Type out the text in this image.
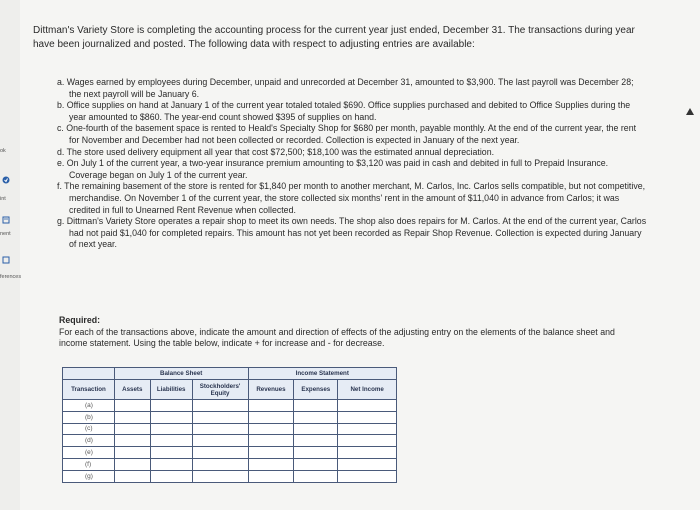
ok
int
nent
ferences
Dittman's Variety Store is completing the accounting process for the current year just ended, December 31. The transactions during year have been journalized and posted. The following data with respect to adjusting entries are available:
a. Wages earned by employees during December, unpaid and unrecorded at December 31, amounted to $3,900. The last payroll was December 28; the next payroll will be January 6.
b. Office supplies on hand at January 1 of the current year totaled totaled $690. Office supplies purchased and debited to Office Supplies during the year amounted to $860. The year-end count showed $395 of supplies on hand.
c. One-fourth of the basement space is rented to Heald's Specialty Shop for $680 per month, payable monthly. At the end of the current year, the rent for November and December had not been collected or recorded. Collection is expected in January of the next year.
d. The store used delivery equipment all year that cost $72,500; $18,100 was the estimated annual depreciation.
e. On July 1 of the current year, a two-year insurance premium amounting to $3,120 was paid in cash and debited in full to Prepaid Insurance. Coverage began on July 1 of the current year.
f. The remaining basement of the store is rented for $1,840 per month to another merchant, M. Carlos, Inc. Carlos sells compatible, but not competitive, merchandise. On November 1 of the current year, the store collected six months' rent in the amount of $11,040 in advance from Carlos; it was credited in full to Unearned Rent Revenue when collected.
g. Dittman's Variety Store operates a repair shop to meet its own needs. The shop also does repairs for M. Carlos. At the end of the current year, Carlos had not paid $1,040 for completed repairs. This amount has not yet been recorded as Repair Shop Revenue. Collection is expected during January of next year.
Required:
For each of the transactions above, indicate the amount and direction of effects of the adjusting entry on the elements of the balance sheet and income statement. Using the table below, indicate + for increase and - for decrease.
	Balance Sheet			Income Statement		
Transaction	Assets	Liabilities	Stockholders' Equity	Revenues	Expenses	Net Income
(a)						
(b)						
(c)						
(d)						
(e)						
(f)						
(g)						
